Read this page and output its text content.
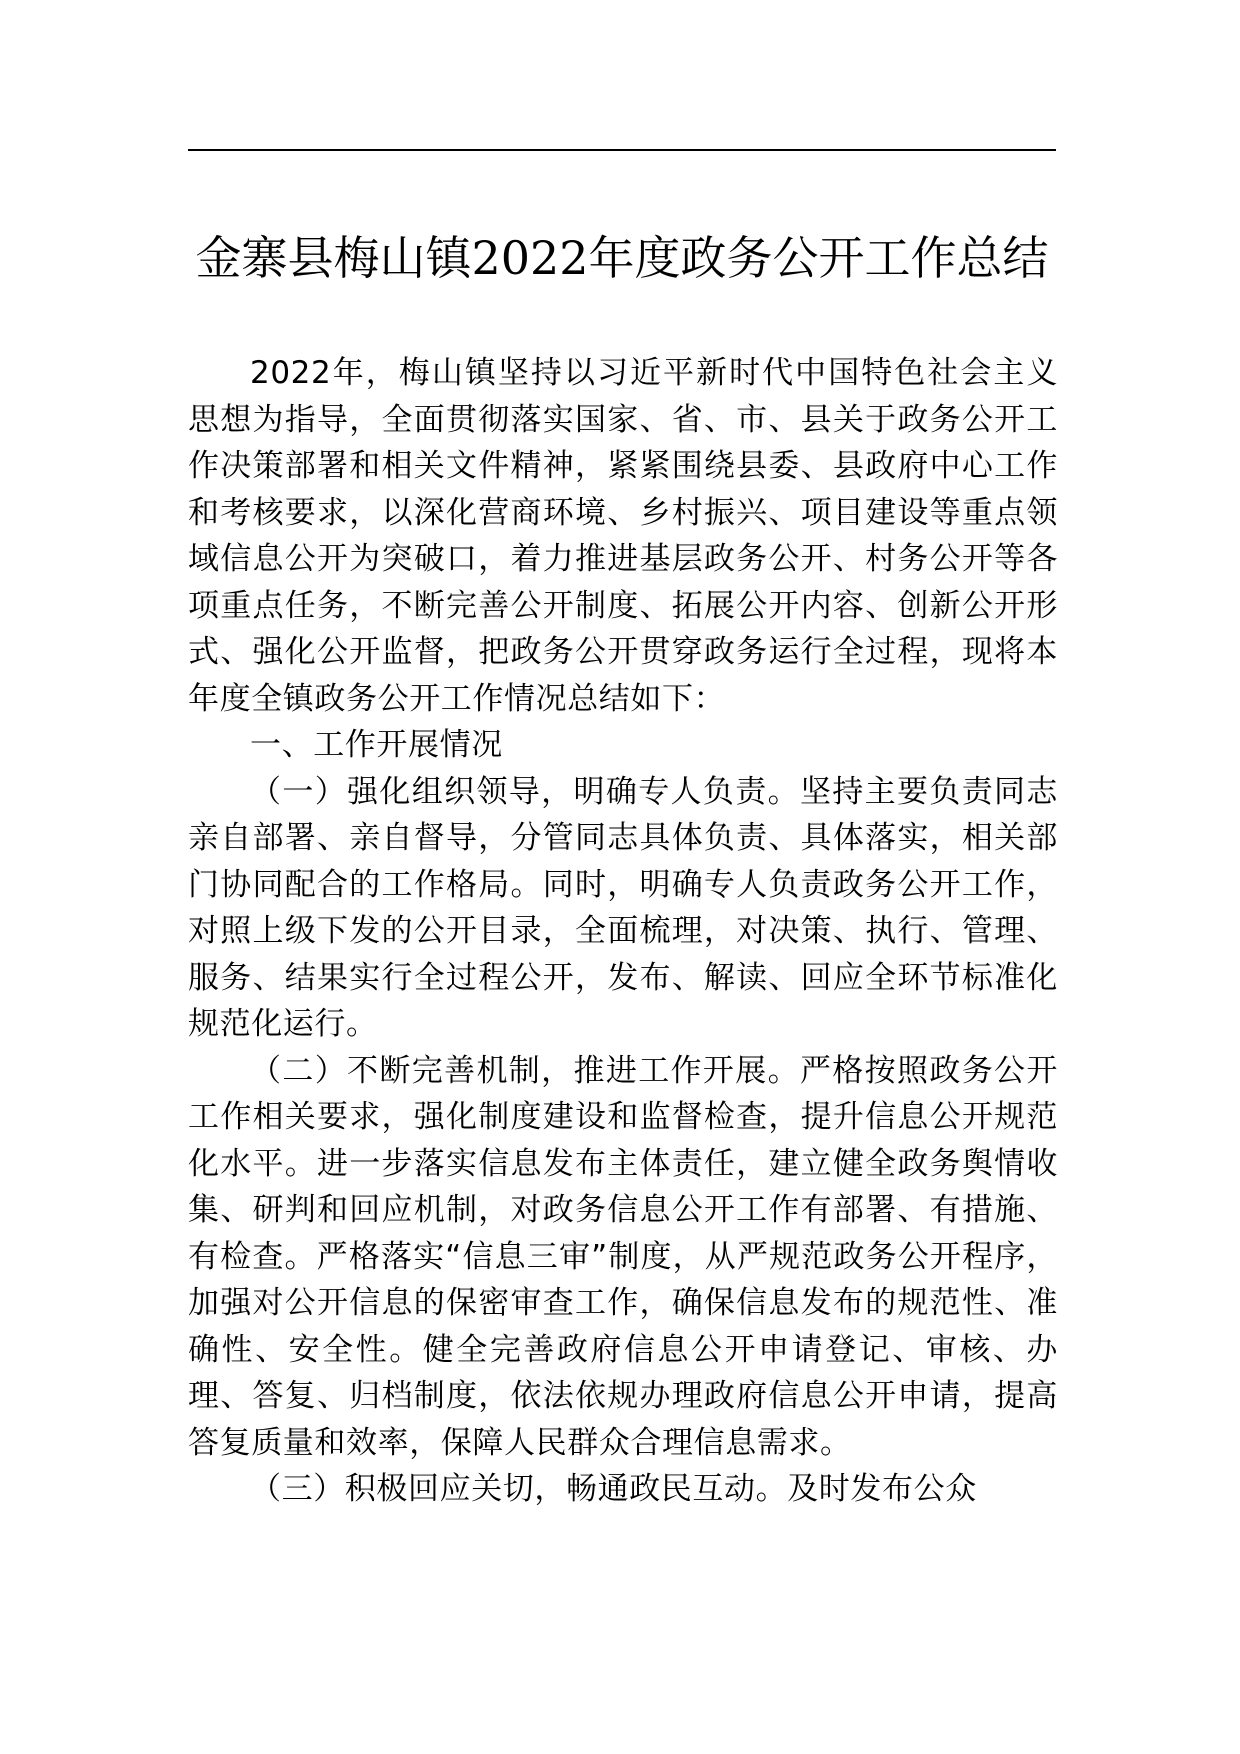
金寨县梅山镇2022年度政务公开工作总结

2022年，梅山镇坚持以习近平新时代中国特色社会主义思想为指导，全面贯彻落实国家、省、市、县关于政务公开工作决策部署和相关文件精神，紧紧围绕县委、县政府中心工作和考核要求，以深化营商环境、乡村振兴、项目建设等重点领域信息公开为突破口，着力推进基层政务公开、村务公开等各项重点任务，不断完善公开制度、拓展公开内容、创新公开形式、强化公开监督，把政务公开贯穿政务运行全过程，现将本年度全镇政务公开工作情况总结如下：

一、工作开展情况

（一）强化组织领导，明确专人负责。坚持主要负责同志亲自部署、亲自督导，分管同志具体负责、具体落实，相关部门协同配合的工作格局。同时，明确专人负责政务公开工作，对照上级下发的公开目录，全面梳理，对决策、执行、管理、服务、结果实行全过程公开，发布、解读、回应全环节标准化规范化运行。

（二）不断完善机制，推进工作开展。严格按照政务公开工作相关要求，强化制度建设和监督检查，提升信息公开规范化水平。进一步落实信息发布主体责任，建立健全政务舆情收集、研判和回应机制，对政务信息公开工作有部署、有措施、有检查。严格落实“信息三审”制度，从严规范政务公开程序，加强对公开信息的保密审查工作，确保信息发布的规范性、准确性、安全性。健全完善政府信息公开申请登记、审核、办理、答复、归档制度，依法依规办理政府信息公开申请，提高答复质量和效率，保障人民群众合理信息需求。

（三）积极回应关切，畅通政民互动。及时发布公众
